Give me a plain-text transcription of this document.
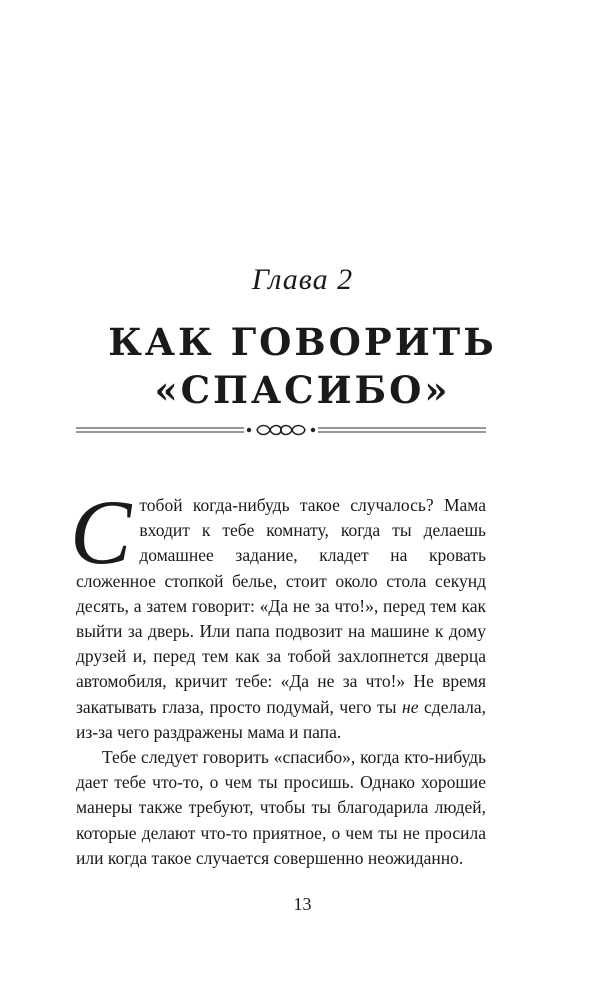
Глава 2
КАК ГОВОРИТЬ
«СПАСИБО»

Стобой когда-нибудь такое случалось? Мама входит к тебе комнату, когда ты делаешь домашнее задание, кладет на кровать сложенное стопкой белье, стоит около стола секунд десять, а затем говорит: «Да не за что!», перед тем как выйти за дверь. Или папа подвозит на машине к дому друзей и, перед тем как за тобой захлопнется дверца автомобиля, кричит тебе: «Да не за что!» Не время закатывать глаза, просто подумай, чего ты не сделала, из-за чего раздражены мама и папа.

Тебе следует говорить «спасибо», когда кто-нибудь дает тебе что-то, о чем ты просишь. Однако хорошие манеры также требуют, чтобы ты благодарила людей, которые делают что-то приятное, о чем ты не просила или когда такое случается совершенно неожиданно.

13
